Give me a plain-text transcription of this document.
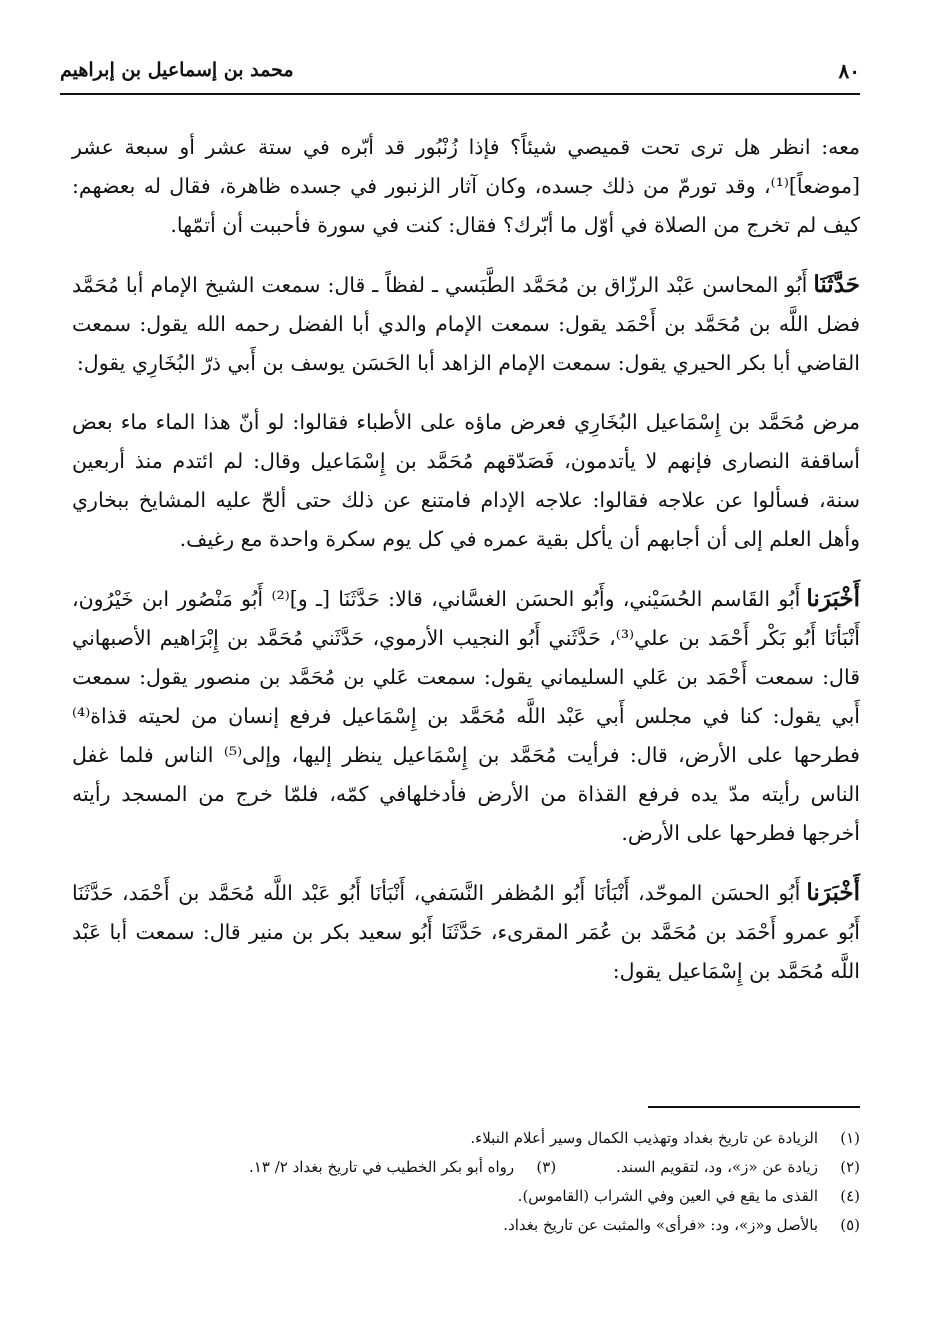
٨٠
محمد بن إسماعيل بن إبراهيم

معه: انظر هل ترى تحت قميصي شيئاً؟ فإذا زُنْبُور قد أبّره في ستة عشر أو سبعة عشر [موضعاً]⁽¹⁾، وقد تورمّ من ذلك جسده، وكان آثار الزنبور في جسده ظاهرة، فقال له بعضهم: كيف لم تخرج من الصلاة في أوّل ما أبّرك؟ فقال: كنت في سورة فأحببت أن أتمّها.

حَدَّثَنَاأَبُو المحاسن عَبْد الرزّاق بن مُحَمَّد الطَّبَسي ـ لفظاً ـ قال: سمعت الشيخ الإمام أبا مُحَمَّد فضل اللَّه بن مُحَمَّد بن أَحْمَد يقول: سمعت الإمام والدي أبا الفضل رحمه الله يقول: سمعت القاضي أبا بكر الحيري يقول: سمعت الإمام الزاهد أبا الحَسَن يوسف بن أَبي ذرّ البُخَارِي يقول:

مرض مُحَمَّد بن إِسْمَاعيل البُخَارِي فعرض ماؤه على الأطباء فقالوا: لو أنّ هذا الماء ماء بعض أساقفة النصارى فإنهم لا يأتدمون، فَصَدّقهم مُحَمَّد بن إِسْمَاعيل وقال: لم ائتدم منذ أربعين سنة، فسألوا عن علاجه فقالوا: علاجه الإدام فامتنع عن ذلك حتى ألحّ عليه المشايخ ببخاري وأهل العلم إلى أن أجابهم أن يأكل بقية عمره في كل يوم سكرة واحدة مع رغيف.

أَخْبَرَناأَبُو القَاسم الحُسَيْني، وأَبُو الحسَن الغسَّاني، قالا: حَدَّثَنَا [ـ و]⁽²⁾ أَبُو مَنْصُور ابن خَيْرُون، أَنْبَأنَا أَبُو بَكْر أَحْمَد بن علي⁽³⁾، حَدَّثَني أَبُو النجيب الأرموي، حَدَّثَني مُحَمَّد بن إِبْرَاهيم الأصبهاني قال: سمعت أَحْمَد بن عَلي السليماني يقول: سمعت عَلي بن مُحَمَّد بن منصور يقول: سمعت أَبي يقول: كنا في مجلس أَبي عَبْد اللَّه مُحَمَّد بن إِسْمَاعيل فرفع إنسان من لحيته قذاة⁽⁴⁾ فطرحها على الأرض، قال: فرأيت مُحَمَّد بن إِسْمَاعيل ينظر إليها، وإلى⁽⁵⁾ الناس فلما غفل الناس رأيته مدّ يده فرفع القذاة من الأرض فأدخلهافي كمّه، فلمّا خرج من المسجد رأيته أخرجها فطرحها على الأرض.

أَخْبَرَناأَبُو الحسَن الموحّد، أَنْبَأنَا أَبُو المُظفر النَّسَفي، أَنْبَأنَا أَبُو عَبْد اللَّه مُحَمَّد بن أَحْمَد، حَدَّثَنَا أَبُو عمرو أَحْمَد بن مُحَمَّد بن عُمَر المقرىء، حَدَّثَنَا أَبُو سعيد بكر بن منير قال: سمعت أبا عَبْد اللَّه مُحَمَّد بن إِسْمَاعيل يقول:

(١)
الزيادة عن تاريخ بغداد وتهذيب الكمال وسير أعلام النبلاء.
(٢)
زيادة عن «ز»، ود، لتقويم السند.
(٣)
رواه أبو بكر الخطيب في تاريخ بغداد ٢/ ١٣.
(٤)
القذى ما يقع في العين وفي الشراب (القاموس).
(٥)
بالأصل و«ز»، ود: «فرأى» والمثبت عن تاريخ بغداد.
